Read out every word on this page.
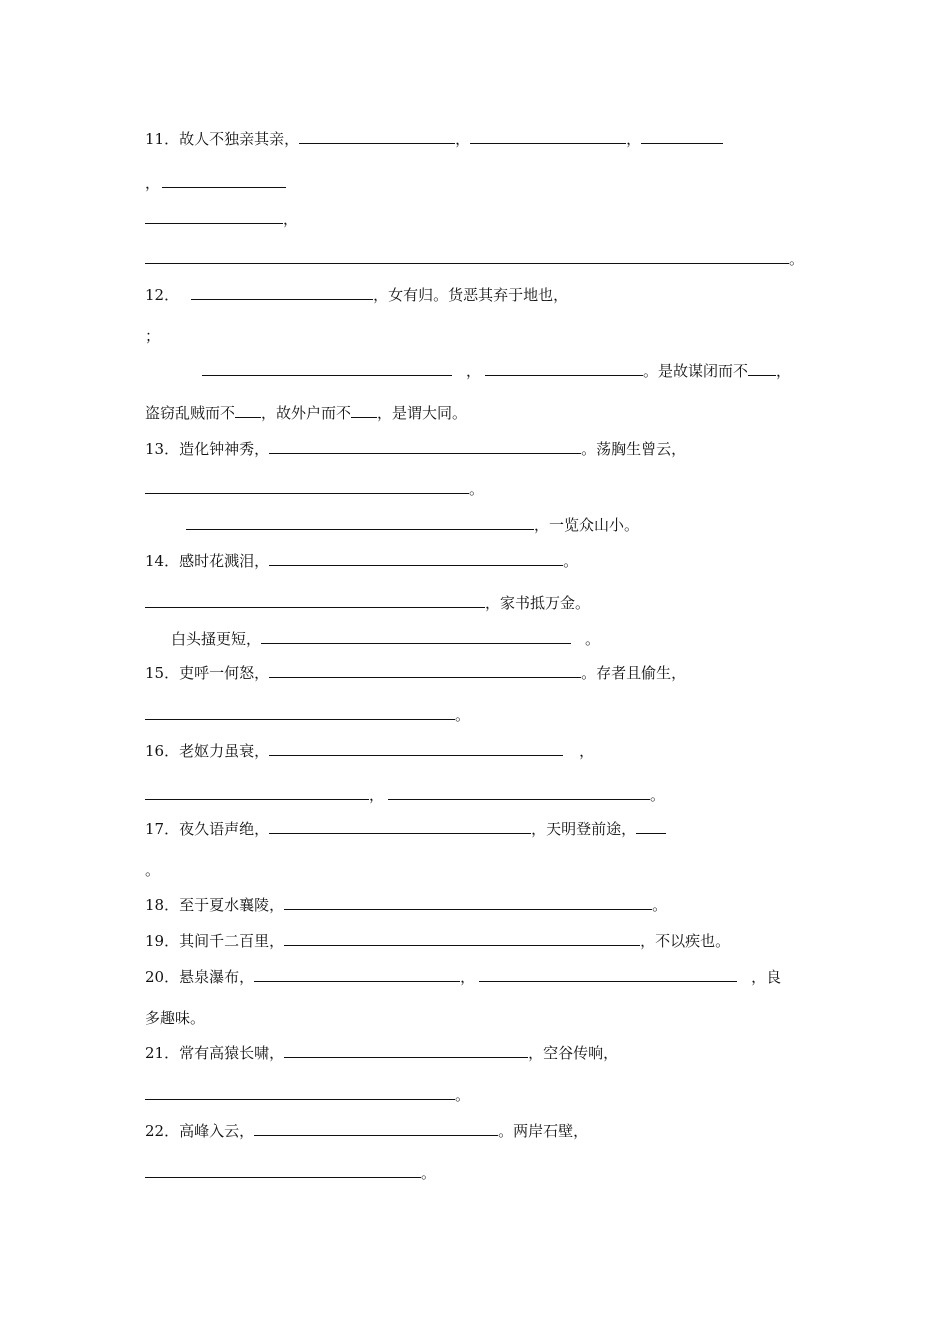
11．故人不独亲其亲，	，	，
，
，
。
12．	，女有归。货恶其弃于地也，
；
，	。是故谋闭而不 ，
盗窃乱贼而不 ，故外户而不 ，是谓大同。
13．造化钟神秀，	。荡胸生曾云，
。
，一览众山小。
14．感时花溅泪，	。
，家书抵万金。
白头搔更短，	。
15．吏呼一何怒，	。存者且偷生，
。
16．老妪力虽衰，	，
，	。
17．夜久语声绝，	，天明登前途，
。
18．至于夏水襄陵，	。
19．其间千二百里，	，不以疾也。
20．悬泉瀑布，	，	，良
多趣味。
21．常有高猿长啸，	，空谷传响，
。
22．高峰入云，	。两岸石壁，
。
